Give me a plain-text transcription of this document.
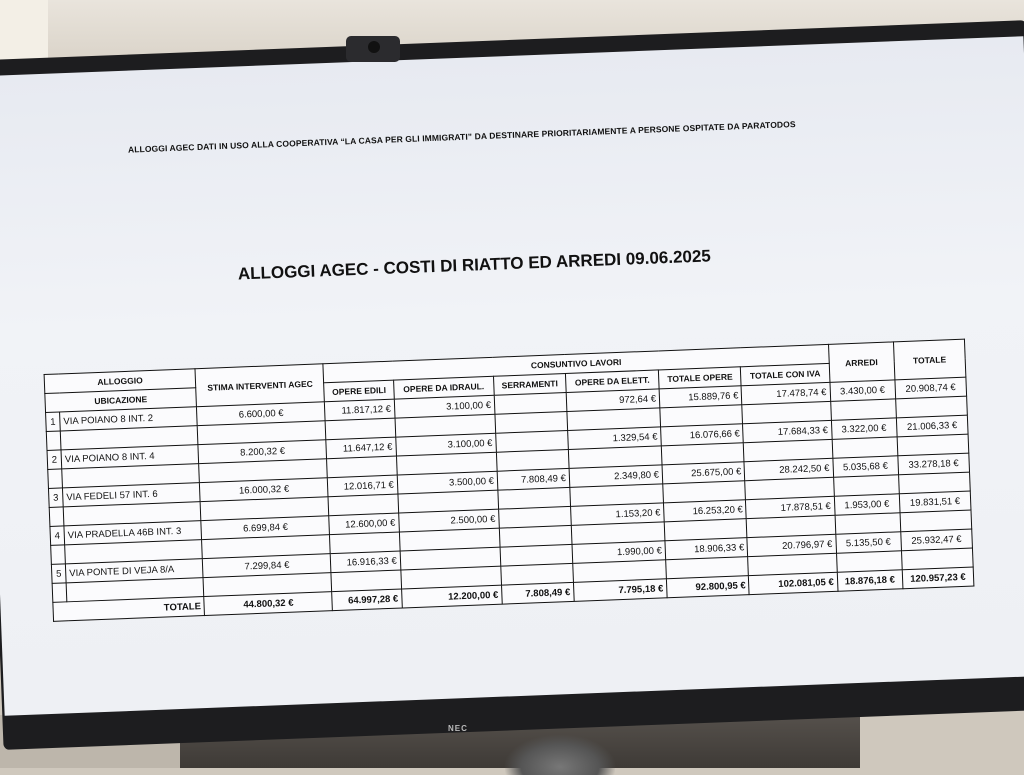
ALLOGGI AGEC DATI IN USO ALLA COOPERATIVA “LA CASA PER GLI IMMIGRATI” DA DESTINARE PRIORITARIAMENTE A PERSONE OSPITATE DA PARATODOS
ALLOGGI AGEC - COSTI DI RIATTO ED ARREDI 09.06.2025
ALLOGGIO		STIMA INTERVENTI AGEC	CONSUNTIVO LAVORI						ARREDI	TOTALE
UBICAZIONE			OPERE EDILI	OPERE DA IDRAUL.	SERRAMENTI	OPERE DA ELETT.	TOTALE OPERE	TOTALE CON IVA		
1	VIA POIANO 8 INT. 2	6.600,00 €	11.817,12 €	3.100,00 €		972,64 €	15.889,76 €	17.478,74 €	3.430,00 €	20.908,74 €

2	VIA POIANO 8 INT. 4	8.200,32 €	11.647,12 €	3.100,00 €		1.329,54 €	16.076,66 €	17.684,33 €	3.322,00 €	21.006,33 €

3	VIA FEDELI 57 INT. 6	16.000,32 €	12.016,71 €	3.500,00 €	7.808,49 €	2.349,80 €	25.675,00 €	28.242,50 €	5.035,68 €	33.278,18 €

4	VIA PRADELLA 46B INT. 3	6.699,84 €	12.600,00 €	2.500,00 €		1.153,20 €	16.253,20 €	17.878,51 €	1.953,00 €	19.831,51 €

5	VIA PONTE DI VEJA 8/A	7.299,84 €	16.916,33 €			1.990,00 €	18.906,33 €	20.796,97 €	5.135,50 €	25.932,47 €

TOTALE		44.800,32 €	64.997,28 €	12.200,00 €	7.808,49 €	7.795,18 €	92.800,95 €	102.081,05 €	18.876,18 €	120.957,23 €
NEC
